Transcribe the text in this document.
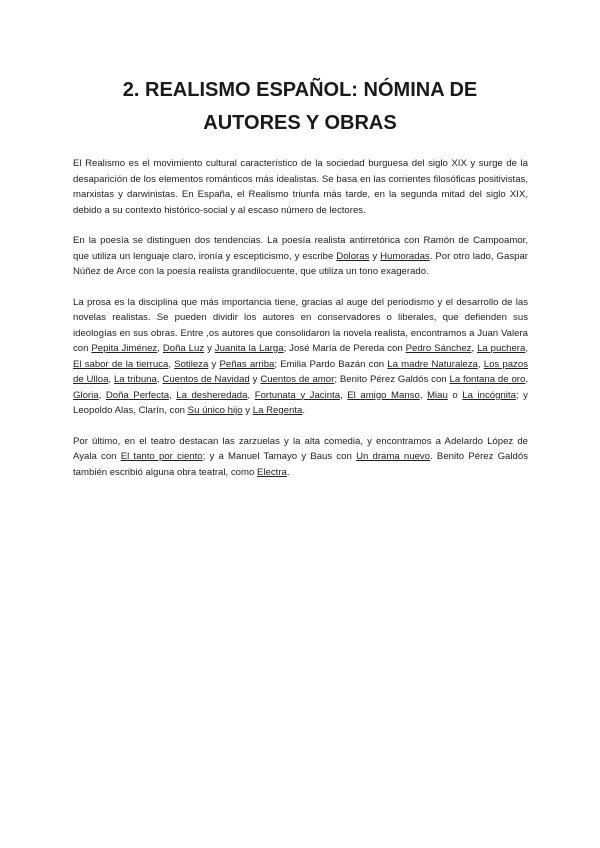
2. REALISMO ESPAÑOL: NÓMINA DE
AUTORES Y OBRAS

El Realismo es el movimiento cultural característico de la sociedad burguesa del siglo XIX y surge de la desaparición de los elementos románticos más idealistas. Se basa en las corrientes filosóficas positivistas, marxistas y darwinistas. En España, el Realismo triunfa más tarde, en la segunda mitad del siglo XIX, debido a su contexto histórico-social y al escaso número de lectores.

En la poesía se distinguen dos tendencias. La poesía realista antirretórica con Ramón de Campoamor, que utiliza un lenguaje claro, ironía y escepticismo, y escribe Doloras y Humoradas. Por otro lado, Gaspar Núñez de Arce con la poesía realista grandilocuente, que utiliza un tono exagerado.

La prosa es la disciplina que más importancia tiene, gracias al auge del periodismo y el desarrollo de las novelas realistas. Se pueden dividir los autores en conservadores o liberales, que defienden sus ideologías en sus obras. Entre ,os autores que consolidaron la novela realista, encontramos a Juan Valera con Pepita Jiménez, Doña Luz y Juanita la Larga; José María de Pereda con Pedro Sánchez, La puchera, El sabor de la tierruca, Sotileza y Peñas arriba; Emilia Pardo Bazán con La madre Naturaleza, Los pazos de Ulloa, La tribuna, Cuentos de Navidad y Cuentos de amor; Benito Pérez Galdós con La fontana de oro, Gloria, Doña Perfecta, La desheredada, Fortunata y Jacinta, El amigo Manso, Miau o La incógnita; y Leopoldo Alas, Clarín, con Su único hijo y La Regenta.

Por último, en el teatro destacan las zarzuelas y la alta comedia, y encontramos a Adelardo López de Ayala con El tanto por ciento; y a Manuel Tamayo y Baus con Un drama nuevo. Benito Pérez Galdós también escribió alguna obra teatral, como Electra.
